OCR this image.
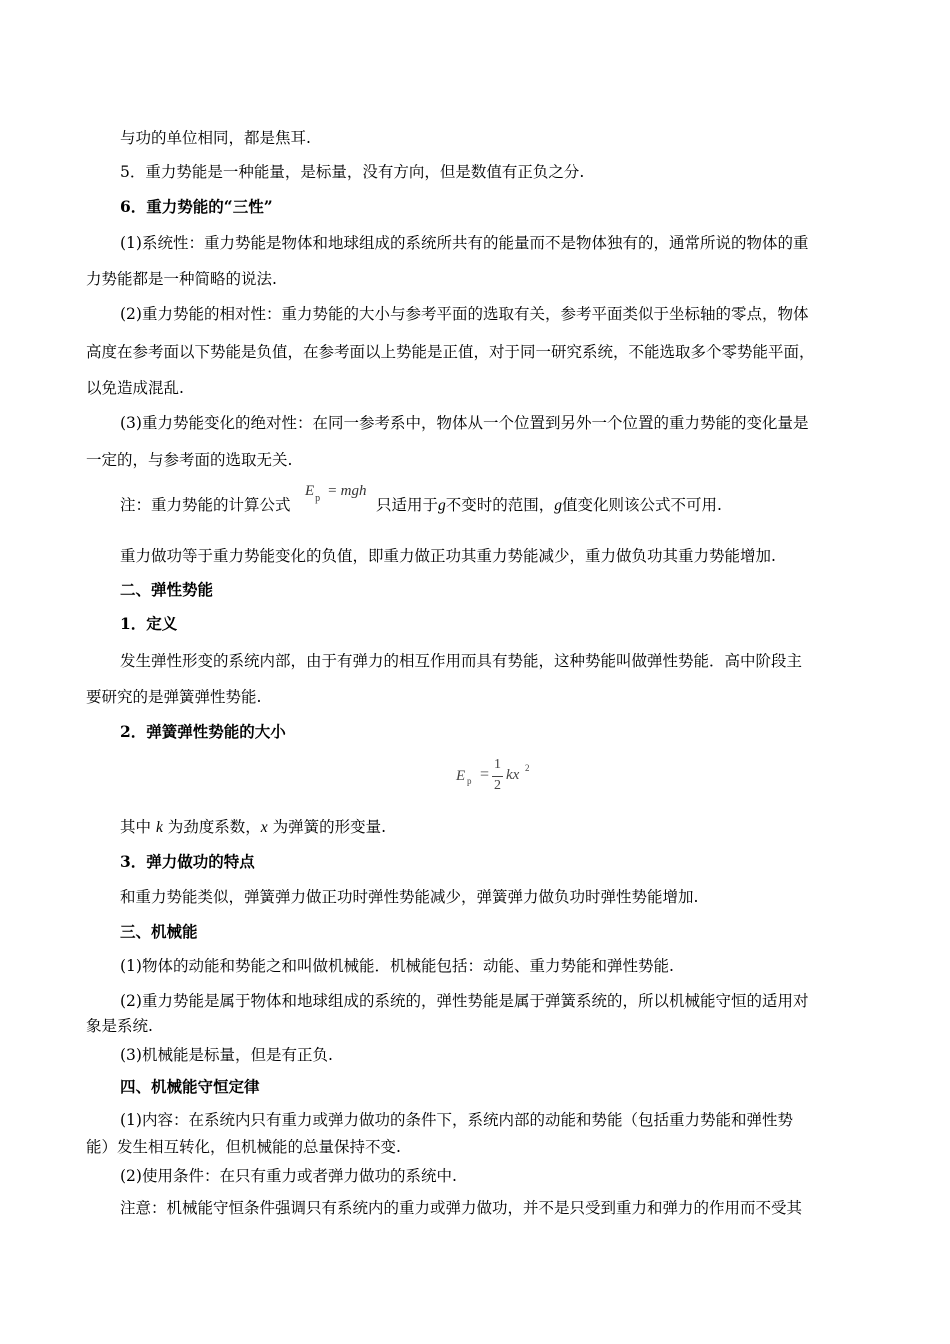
与功的单位相同，都是焦耳.
5．重力势能是一种能量，是标量，没有方向，但是数值有正负之分.
6．重力势能的“三性”
(1)系统性：重力势能是物体和地球组成的系统所共有的能量而不是物体独有的，通常所说的物体的重
力势能都是一种简略的说法.
(2)重力势能的相对性：重力势能的大小与参考平面的选取有关，参考平面类似于坐标轴的零点，物体
高度在参考面以下势能是负值，在参考面以上势能是正值，对于同一研究系统，不能选取多个零势能平面，
以免造成混乱.
(3)重力势能变化的绝对性：在同一参考系中，物体从一个位置到另外一个位置的重力势能的变化量是
一定的，与参考面的选取无关.
注：重力势能的计算公式
$E_p$ = mgh
只适用于g不变时的范围，g值变化则该公式不可用.
重力做功等于重力势能变化的负值，即重力做正功其重力势能减少，重力做负功其重力势能增加.
二、弹性势能
1．定义
发生弹性形变的系统内部，由于有弹力的相互作用而具有势能，这种势能叫做弹性势能．高中阶段主
要研究的是弹簧弹性势能.
2．弹簧弹性势能的大小
E p =
1
2
kx 2
其中 k 为劲度系数，x 为弹簧的形变量.
3．弹力做功的特点
和重力势能类似，弹簧弹力做正功时弹性势能减少，弹簧弹力做负功时弹性势能增加.
三、机械能
(1)物体的动能和势能之和叫做机械能．机械能包括：动能、重力势能和弹性势能.
(2)重力势能是属于物体和地球组成的系统的，弹性势能是属于弹簧系统的，所以机械能守恒的适用对
象是系统.
(3)机械能是标量，但是有正负.
四、机械能守恒定律
(1)内容：在系统内只有重力或弹力做功的条件下，系统内部的动能和势能（包括重力势能和弹性势
能）发生相互转化，但机械能的总量保持不变.
(2)使用条件：在只有重力或者弹力做功的系统中.
注意：机械能守恒条件强调只有系统内的重力或弹力做功，并不是只受到重力和弹力的作用而不受其
